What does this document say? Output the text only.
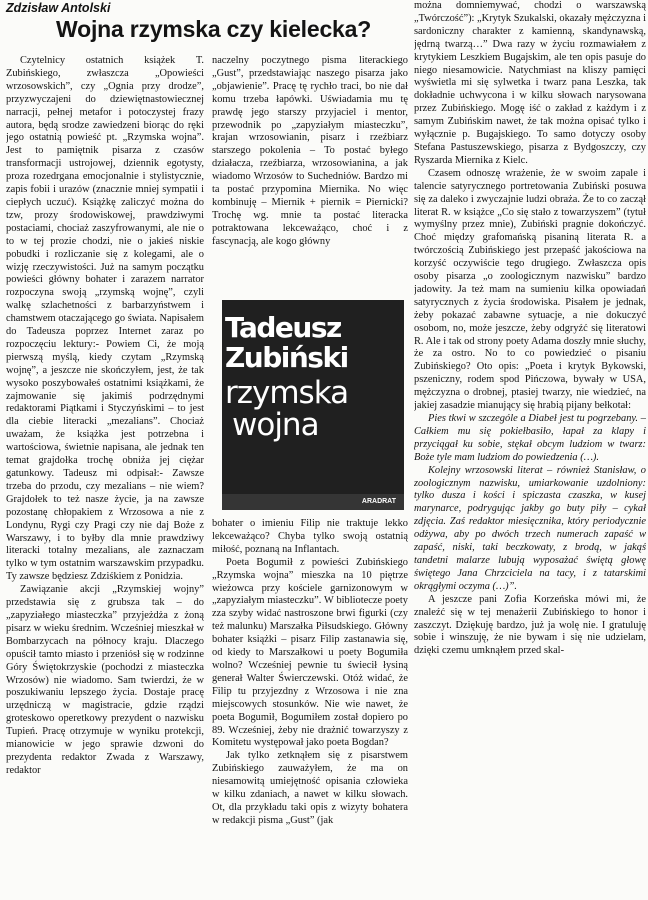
Zdzisław Antolski
Wojna rzymska czy kielecka?

Czytelnicy ostatnich książek T. Zubińskiego, zwłaszcza „Opowieści wrzosowskich”, czy „Ognia przy drodze”, przyzwyczajeni do dziewiętnastowiecznej narracji, pełnej metafor i potoczystej frazy autora, będą srodze zawiedzeni biorąc do ręki jego ostatnią powieść pt. „Rzymska wojna”. Jest to pamiętnik pisarza z czasów transformacji ustrojowej, dziennik egotysty, proza rozedrgana emocjonalnie i stylistycznie, zapis fobii i urazów (znacznie mniej sympatii i ciepłych uczuć). Książkę zaliczyć można do tzw, prozy środowiskowej, prawdziwymi postaciami, chociaż zaszyfrowanymi, ale nie o to w tej prozie chodzi, nie o jakieś niskie pobudki i rozliczanie się z kolegami, ale o wizję rzeczywistości. Już na samym początku powieści główny bohater i zarazem narrator rozpoczyna swoją „rzymską wojnę”, czyli walkę szlachetności z barbarzyństwem i chamstwem otaczającego go świata. Napisałem do Tadeusza poprzez Internet zaraz po rozpoczęciu lektury:- Powiem Ci, że moją pierwszą myślą, kiedy czytam „Rzymską wojnę”, a jeszcze nie skończyłem, jest, że tak wysoko poszybowałeś ostatnimi książkami, że zajmowanie się jakimiś podrzędnymi redaktorami Piątkami i Styczyńskimi – to jest dla ciebie literacki „mezalians”. Chociaż uważam, że książka jest potrzebna i wartościowa, świetnie napisana, ale jednak ten temat grajdołka trochę obniża jej ciężar gatunkowy. Tadeusz mi odpisał:- Zawsze trzeba do przodu, czy mezalians – nie wiem? Grajdołek to też nasze życie, ja na zawsze pozostanę chłopakiem z Wrzosowa a nie z Londynu, Rygi czy Pragi czy nie daj Boże z Warszawy, i to byłby dla mnie prawdziwy literacki totalny mezalians, ale zaznaczam tylko w tym ostatnim warszawskim przypadku. Ty zawsze będziesz Zdziśkiem z Ponidzia.

Zawiązanie akcji „Rzymskiej wojny” przedstawia się z grubsza tak – do „zapyziałego miasteczka” przyjeżdża z żoną pisarz w wieku średnim. Wcześniej mieszkał w Bombarzycach na północy kraju. Dlaczego opuścił tamto miasto i przeniósł się w rodzinne Góry Świętokrzyskie (pochodzi z miasteczka Wrzosów) nie wiadomo. Sam twierdzi, że w poszukiwaniu lepszego życia. Dostaje pracę urzędniczą w magistracie, gdzie rządzi groteskowo operetkowy prezydent o nazwisku Tupień. Pracę otrzymuje w wyniku protekcji, mianowicie w jego sprawie dzwoni do prezydenta redaktor Zwada z Warszawy, redaktor

naczelny poczytnego pisma literackiego „Gust”, przedstawiając naszego pisarza jako „objawienie”. Pracę tę rychło traci, bo nie dał komu trzeba łapówki. Uświadamia mu tę prawdę jego starszy przyjaciel i mentor, przewodnik po „zapyziałym miasteczku”, krajan wrzosowianin, pisarz i rzeźbiarz starszego pokolenia – To postać byłego działacza, rzeźbiarza, wrzosowianina, a jak wiadomo Wrzosów to Suchedniów. Bardzo mi ta postać przypomina Miernika. No więc kombinuję – Miernik + piernik = Piernicki? Trochę wg. mnie ta postać literacka potraktowana lekceważąco, choć i z fascynacją, ale kogo główny

Tadeusz
Zubiński
rzymska
wojna
ARADRAT

bohater o imieniu Filip nie traktuje lekko lekceważąco? Chyba tylko swoją ostatnią miłość, poznaną na Inflantach.

Poeta Bogumił z powieści Zubińskiego „Rzymska wojna” mieszka na 10 piętrze wieżowca przy kościele garnizonowym w „zapyziałym miasteczku”. W bibliotecze poety zza szyby widać nastroszone brwi figurki (czy też malunku) Marszałka Piłsudskiego. Główny bohater książki – pisarz Filip zastanawia się, od kiedy to Marszałkowi u poety Bogumiła wolno? Wcześniej pewnie tu świecił łysiną generał Walter Świerczewski. Otóż widać, że Filip tu przyjezdny z Wrzosowa i nie zna miejscowych stosunków. Nie wie nawet, że poeta Bogumił, Bogumiłem został dopiero po 89. Wcześniej, żeby nie drażnić towarzyszy z Komitetu występował jako poeta Bogdan?

Jak tylko zetknąłem się z pisarstwem Zubińskiego zauważyłem, że ma on niesamowitą umiejętność opisania człowieka w kilku zdaniach, a nawet w kilku słowach. Ot, dla przykładu taki opis z wizyty bohatera w redakcji pisma „Gust” (jak

można domniemywać, chodzi o warszawską „Twórczość”): „Krytyk Szukalski, okazały mężczyzna i sardoniczny charakter z kamienną, skandynawską, jędrną twarzą…” Dwa razy w życiu rozmawiałem z krytykiem Leszkiem Bugajskim, ale ten opis pasuje do niego niesamowicie. Natychmiast na kliszy pamięci wyświetla mi się sylwetka i twarz pana Leszka, tak dokładnie uchwycona i w kilku słowach narysowana przez Zubińskiego. Mogę iść o zakład z każdym i z samym Zubińskim nawet, że tak można opisać tylko i wyłącznie p. Bugajskiego. To samo dotyczy osoby Stefana Pastuszewskiego, pisarza z Bydgoszczy, czy Ryszarda Miernika z Kielc.

Czasem odnoszę wrażenie, że w swoim zapale i talencie satyrycznego portretowania Zubiński posuwa się za daleko i zwyczajnie ludzi obraża. Że to co zaczął literat R. w książce „Co się stało z towarzyszem” (tytuł wymyślny przez mnie), Zubiński pragnie dokończyć. Choć między grafomańską pisaniną literata R. a twórczością Zubińskiego jest przepaść jakościowa na korzyść oczywiście tego drugiego. Zwłaszcza opis osoby pisarza „o zoologicznym nazwisku” bardzo jadowity. Ja też mam na sumieniu kilka opowiadań satyrycznych z życia środowiska. Pisałem je jednak, żeby pokazać zabawne sytuacje, a nie dokuczyć osobom, no, może jeszcze, żeby odgryźć się literatowi R. Ale i tak od strony poety Adama doszły mnie słuchy, że za ostro. No to co powiedzieć o pisaniu Zubińskiego? Oto opis: „Poeta i krytyk Bykowski, pszeniczny, rodem spod Pińczowa, bywały w USA, mężczyzna o drobnej, ptasiej twarzy, nie wiedzieć, na jakiej zasadzie mianujący się hrabią pijany bełkotał:

Pies tkwi w szczególe a Diabeł jest tu pogrzebany. – Całkiem mu się pokiełbasiło, łapał za klapy i przyciągał ku sobie, stękał obcym ludziom w twarz: Boże tyle mam ludziom do powiedzenia (…).

Kolejny wrzosowski literat – również Stanisław, o zoologicznym nazwisku, umiarkowanie uzdolniony: tylko dusza i kości i spiczasta czaszka, w kusej marynarce, podrygując jakby go buty piły – cykał zdjęcia. Zaś redaktor miesięcznika, który periodycznie odżywa, aby po dwóch trzech numerach zapaść w zapaść, niski, taki beczkowaty, z brodą, w jakąś tandetni malarze lubują wyposażać świętą głowę świętego Jana Chrzciciela na tacy, i z tatarskimi okrągłymi oczyma (…)”.

A jeszcze pani Zofia Korzeńska mówi mi, że znaleźć się w tej menażerii Zubińskiego to honor i zaszczyt. Dziękuję bardzo, już ja wolę nie. I gratuluję sobie i winszuję, że nie bywam i się nie udzielam, dzięki czemu umknąłem przed skal-
